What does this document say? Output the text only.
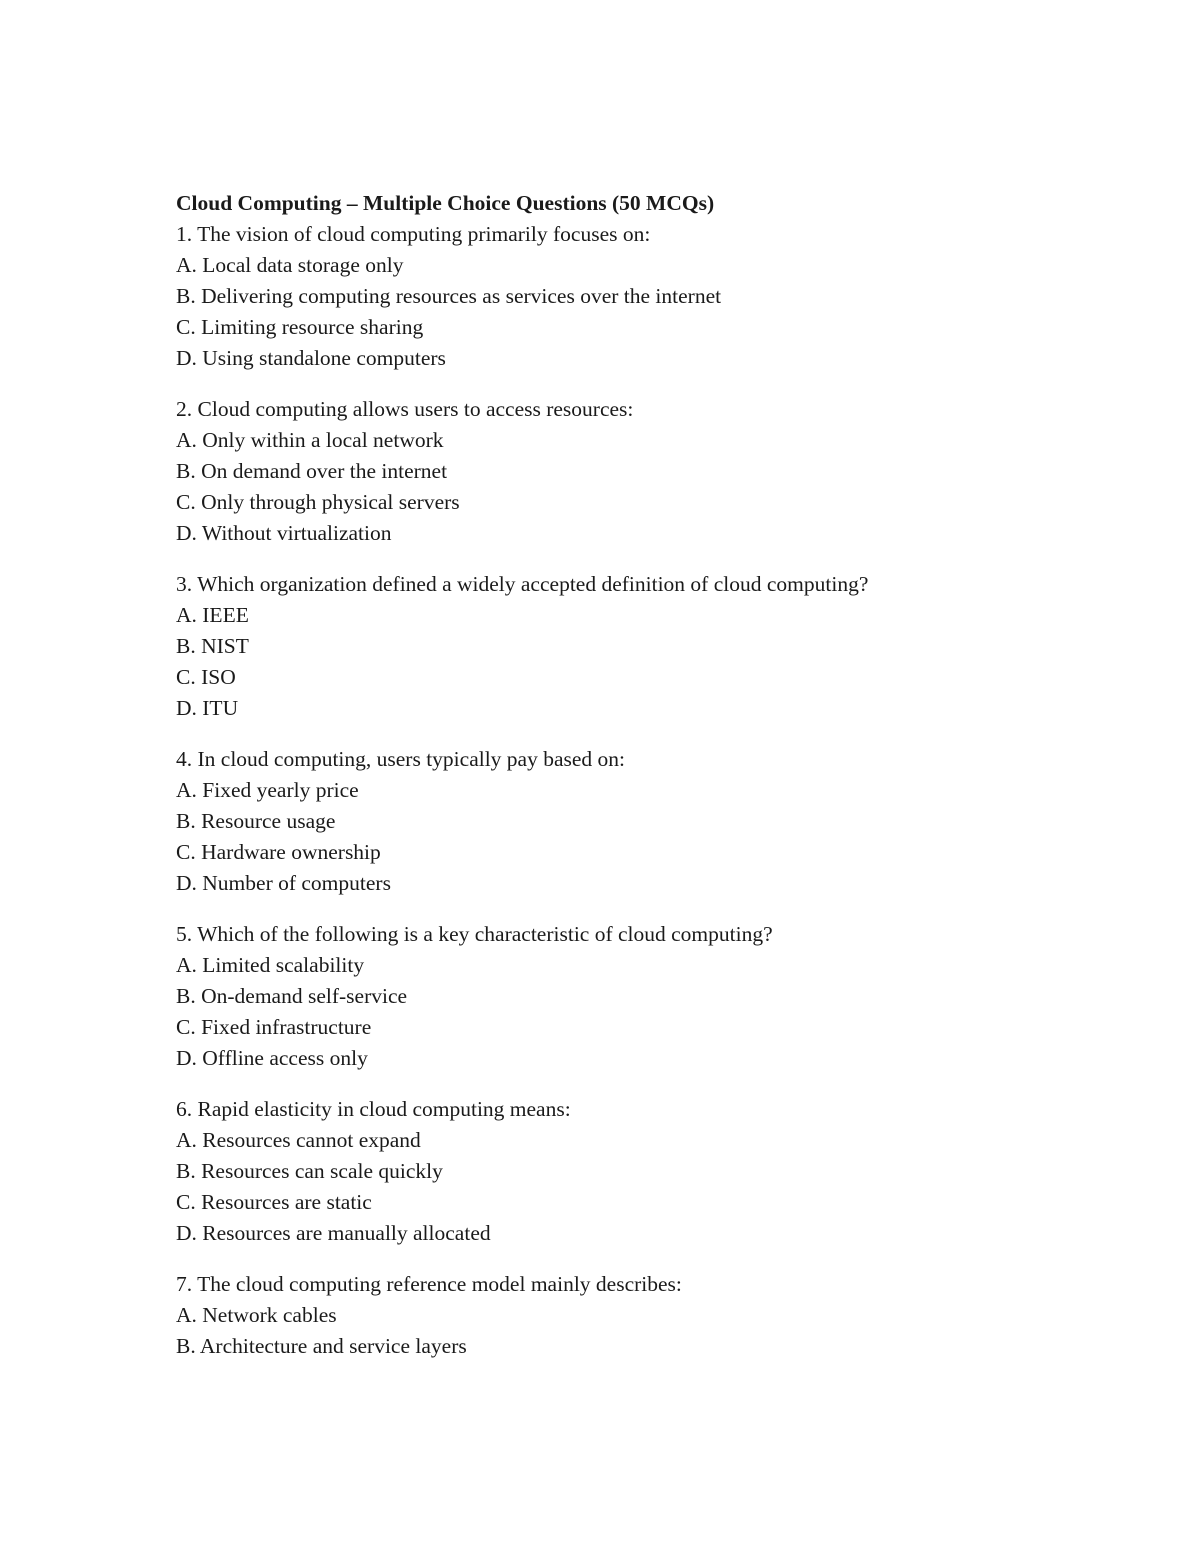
Cloud Computing – Multiple Choice Questions (50 MCQs)
1. The vision of cloud computing primarily focuses on:
A. Local data storage only
B. Delivering computing resources as services over the internet
C. Limiting resource sharing
D. Using standalone computers
2. Cloud computing allows users to access resources:
A. Only within a local network
B. On demand over the internet
C. Only through physical servers
D. Without virtualization
3. Which organization defined a widely accepted definition of cloud computing?
A. IEEE
B. NIST
C. ISO
D. ITU
4. In cloud computing, users typically pay based on:
A. Fixed yearly price
B. Resource usage
C. Hardware ownership
D. Number of computers
5. Which of the following is a key characteristic of cloud computing?
A. Limited scalability
B. On-demand self-service
C. Fixed infrastructure
D. Offline access only
6. Rapid elasticity in cloud computing means:
A. Resources cannot expand
B. Resources can scale quickly
C. Resources are static
D. Resources are manually allocated
7. The cloud computing reference model mainly describes:
A. Network cables
B. Architecture and service layers
